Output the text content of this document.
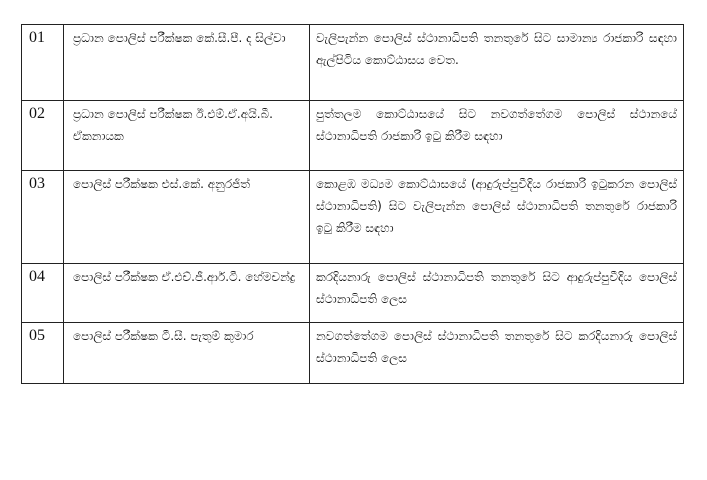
01	ප්‍රධාන පොලිස් පරීක්ෂක කේ.සී.පී. ද සිල්වා	වැලිපැන්න පොලිස් ස්ථානාධිපති තනතුරේ සිට සාමාන්‍ය රාජකාරි සඳහා ඇල්පිටිය කොට්ඨාසය වෙත.
02	ප්‍රධාන පොලිස් පරීක්ෂක ඊ.එම්.ඒ.අයි.බී. ඒකනායක	පුත්තලම කොට්ඨාසයේ සිට නවගත්තේගම පොලිස් ස්ථානයේ ස්ථානාධිපති රාජකාරි ඉටු කිරීම සඳහා
03	පොලිස් පරීක්ෂක එස්.කේ. අනුරජිත්	කොළඹ මධ්‍යම කොට්ඨාසයේ (ආදුරුප්පුවීදිය රාජකාරි ඉටුකරන පොලිස් ස්ථානාධිපති) සිට වැලිපැන්න පොලිස් ස්ථානාධිපති තනතුරේ රාජකාරි ඉටු කිරීම සඳහා
04	පොලිස් පරීක්ෂක ඒ.එච්.ජී.ආර්.ටී. හේමචන්ද්‍ර	කරදියනාරු පොලිස් ස්ථානාධිපති තනතුරේ සිට ආදුරුප්පුවීදිය පොලිස් ස්ථානාධිපති ලෙස
05	පොලිස් පරීක්ෂක ටී.සී. පැතුම් කුමාර	නවගත්තේගම පොලිස් ස්ථානාධිපති තනතුරේ සිට කරදියනාරු පොලිස් ස්ථානාධිපති ලෙස
